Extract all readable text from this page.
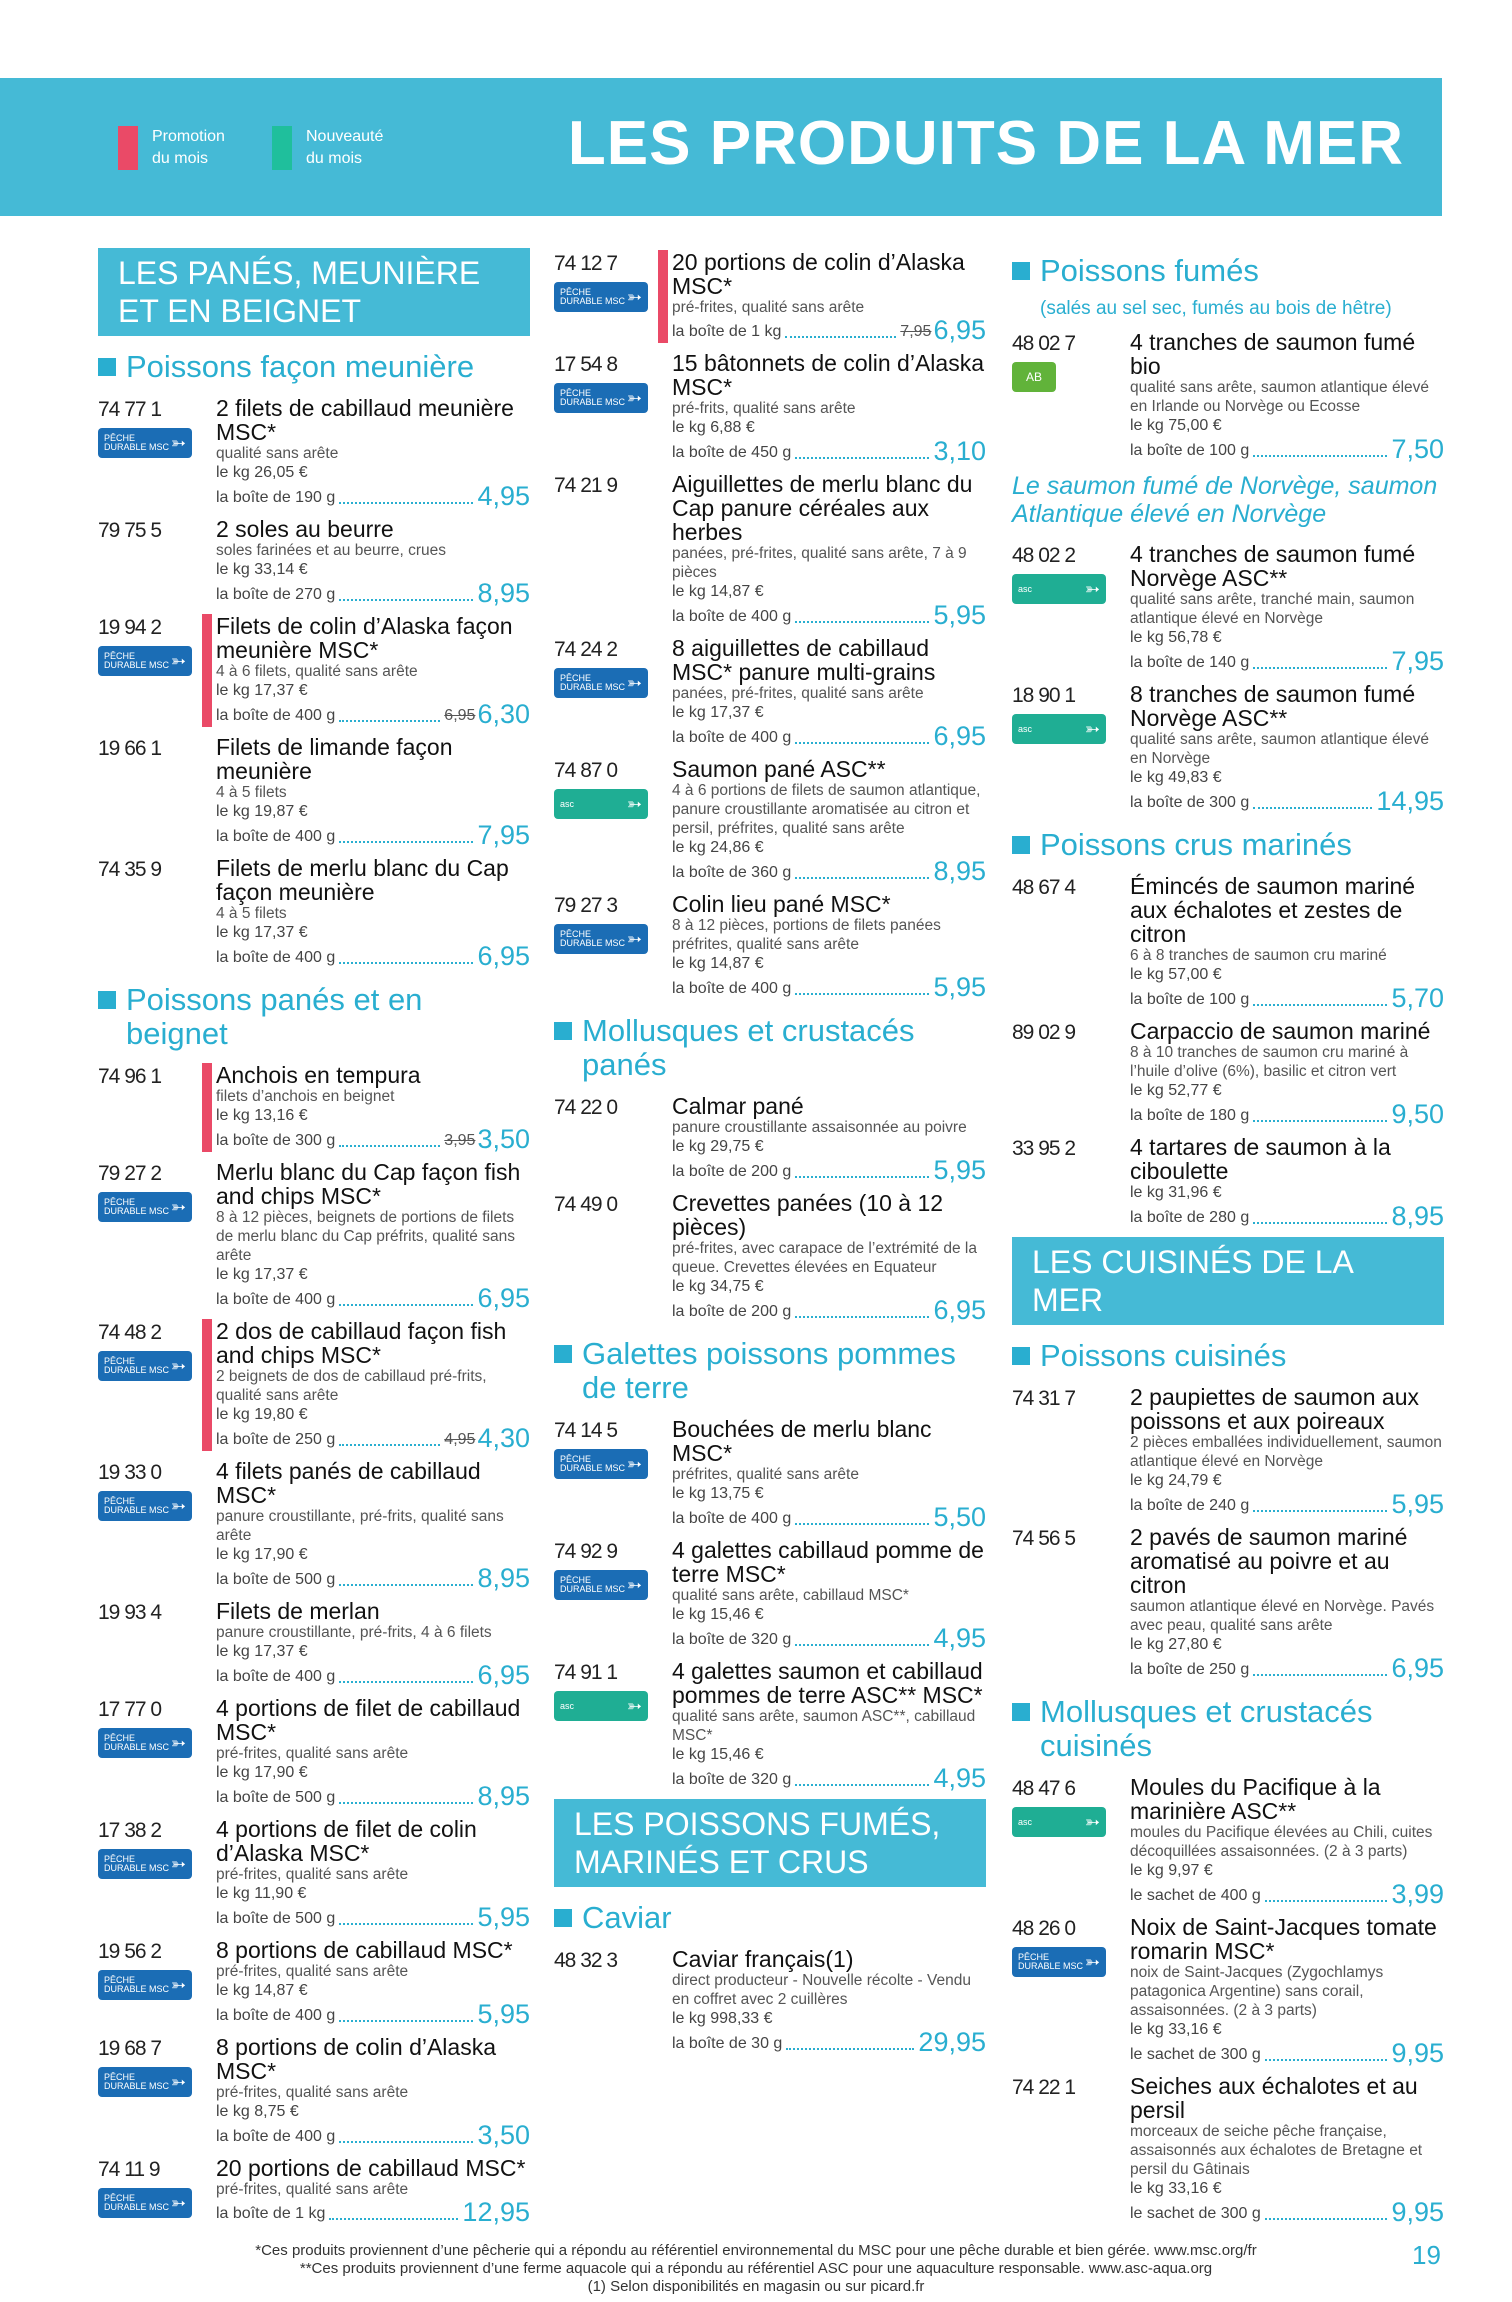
Promotion du mois
Nouveauté du mois	LES PRODUITS DE LA MER
LES PANÉS, MEUNIÈRE ET EN BEIGNET
Poissons façon meunière
74 77 1
PÊCHE DURABLE MSC ➳
2 filets de cabillaud meunière MSC*
qualité sans arête
le kg 26,05 €
la boîte de 190 g	4,95
79 75 5	2 soles au beurre
soles farinées et au beurre, crues
le kg 33,14 €
la boîte de 270 g	8,95
19 94 2
PÊCHE DURABLE MSC ➳
Filets de colin d’Alaska façon meunière MSC*
4 à 6 filets, qualité sans arête
le kg 17,37 €
la boîte de 400 g	6,95 6,30
19 66 1	Filets de limande façon meunière
4 à 5 filets
le kg 19,87 €
la boîte de 400 g	7,95
74 35 9	Filets de merlu blanc du Cap façon meunière
4 à 5 filets
le kg 17,37 €
la boîte de 400 g	6,95
Poissons panés et en beignet
74 96 1	Anchois en tempura
filets d’anchois en beignet
le kg 13,16 €
la boîte de 300 g	3,95 3,50
79 27 2
PÊCHE DURABLE MSC ➳
Merlu blanc du Cap façon fish and chips MSC*
8 à 12 pièces, beignets de portions de filets de merlu blanc du Cap préfrits, qualité sans arête
le kg 17,37 €
la boîte de 400 g	6,95
74 48 2
PÊCHE DURABLE MSC ➳
2 dos de cabillaud façon fish and chips MSC*
2 beignets de dos de cabillaud pré-frits, qualité sans arête
le kg 19,80 €
la boîte de 250 g	4,95 4,30
19 33 0
PÊCHE DURABLE MSC ➳
4 filets panés de cabillaud MSC*
panure croustillante, pré-frits, qualité sans arête
le kg 17,90 €
la boîte de 500 g	8,95
19 93 4	Filets de merlan
panure croustillante, pré-frits, 4 à 6 filets
le kg 17,37 €
la boîte de 400 g	6,95
17 77 0
PÊCHE DURABLE MSC ➳
4 portions de filet de cabillaud MSC*
pré-frites, qualité sans arête
le kg 17,90 €
la boîte de 500 g	8,95
17 38 2
PÊCHE DURABLE MSC ➳
4 portions de filet de colin d’Alaska MSC*
pré-frites, qualité sans arête
le kg 11,90 €
la boîte de 500 g	5,95
19 56 2
PÊCHE DURABLE MSC ➳
8 portions de cabillaud MSC*
pré-frites, qualité sans arête
le kg 14,87 €
la boîte de 400 g	5,95
19 68 7
PÊCHE DURABLE MSC ➳
8 portions de colin d’Alaska MSC*
pré-frites, qualité sans arête
le kg 8,75 €
la boîte de 400 g	3,50
74 11 9
PÊCHE DURABLE MSC ➳
20 portions de cabillaud MSC*
pré-frites, qualité sans arête
la boîte de 1 kg	12,95
74 12 7
PÊCHE DURABLE MSC ➳
20 portions de colin d’Alaska MSC*
pré-frites, qualité sans arête
la boîte de 1 kg	7,95 6,95
17 54 8
PÊCHE DURABLE MSC ➳
15 bâtonnets de colin d’Alaska MSC*
pré-frits, qualité sans arête
le kg 6,88 €
la boîte de 450 g	3,10
74 21 9	Aiguillettes de merlu blanc du Cap panure céréales aux herbes
panées, pré-frites, qualité sans arête, 7 à 9 pièces
le kg 14,87 €
la boîte de 400 g	5,95
74 24 2
PÊCHE DURABLE MSC ➳
8 aiguillettes de cabillaud MSC* panure multi-grains
panées, pré-frites, qualité sans arête
le kg 17,37 €
la boîte de 400 g	6,95
74 87 0
asc	➳
Saumon pané ASC**
4 à 6 portions de filets de saumon atlantique, panure croustillante aromatisée au citron et persil, préfrites, qualité sans arête
le kg 24,86 €
la boîte de 360 g	8,95
79 27 3
PÊCHE DURABLE MSC ➳
Colin lieu pané MSC*
8 à 12 pièces, portions de filets panées préfrites, qualité sans arête
le kg 14,87 €
la boîte de 400 g	5,95
Mollusques et crustacés panés
74 22 0	Calmar pané
panure croustillante assaisonnée au poivre
le kg 29,75 €
la boîte de 200 g	5,95
74 49 0	Crevettes panées (10 à 12 pièces)
pré-frites, avec carapace de l’extrémité de la queue. Crevettes élevées en Equateur
le kg 34,75 €
la boîte de 200 g	6,95
Galettes poissons pommes de terre
74 14 5
PÊCHE DURABLE MSC ➳
Bouchées de merlu blanc MSC*
préfrites, qualité sans arête
le kg 13,75 €
la boîte de 400 g	5,50
74 92 9
PÊCHE DURABLE MSC ➳
4 galettes cabillaud pomme de terre MSC*
qualité sans arête, cabillaud MSC*
le kg 15,46 €
la boîte de 320 g	4,95
74 91 1
asc	➳
4 galettes saumon et cabillaud pommes de terre ASC** MSC*
qualité sans arête, saumon ASC**, cabillaud MSC*
le kg 15,46 €
la boîte de 320 g	4,95
LES POISSONS FUMÉS, MARINÉS ET CRUS
Caviar
48 32 3	Caviar français(1)
direct producteur - Nouvelle récolte - Vendu en coffret avec 2 cuillères
le kg 998,33 €
la boîte de 30 g	29,95
Poissons fumés
(salés au sel sec, fumés au bois de hêtre)
48 02 7
AB
4 tranches de saumon fumé bio
qualité sans arête, saumon atlantique élevé en Irlande ou Norvège ou Ecosse
le kg 75,00 €
la boîte de 100 g	7,50
Le saumon fumé de Norvège, saumon Atlantique élevé en Norvège
48 02 2
asc	➳
4 tranches de saumon fumé Norvège ASC**
qualité sans arête, tranché main, saumon atlantique élevé en Norvège
le kg 56,78 €
la boîte de 140 g	7,95
18 90 1
asc	➳
8 tranches de saumon fumé Norvège ASC**
qualité sans arête, saumon atlantique élevé en Norvège
le kg 49,83 €
la boîte de 300 g	14,95
Poissons crus marinés
48 67 4	Émincés de saumon mariné aux échalotes et zestes de citron
6 à 8 tranches de saumon cru mariné
le kg 57,00 €
la boîte de 100 g	5,70
89 02 9	Carpaccio de saumon mariné
8 à 10 tranches de saumon cru mariné à l’huile d’olive (6%), basilic et citron vert
le kg 52,77 €
la boîte de 180 g	9,50
33 95 2	4 tartares de saumon à la ciboulette
le kg 31,96 €
la boîte de 280 g	8,95
LES CUISINÉS DE LA MER
Poissons cuisinés
74 31 7	2 paupiettes de saumon aux poissons et aux poireaux
2 pièces emballées individuellement, saumon atlantique élevé en Norvège
le kg 24,79 €
la boîte de 240 g	5,95
74 56 5	2 pavés de saumon mariné aromatisé au poivre et au citron
saumon atlantique élevé en Norvège. Pavés avec peau, qualité sans arête
le kg 27,80 €
la boîte de 250 g	6,95
Mollusques et crustacés cuisinés
48 47 6
asc	➳
Moules du Pacifique à la marinière ASC**
moules du Pacifique élevées au Chili, cuites décoquillées assaisonnées. (2 à 3 parts)
le kg 9,97 €
le sachet de 400 g	3,99
48 26 0
PÊCHE DURABLE MSC ➳
Noix de Saint-Jacques tomate romarin MSC*
noix de Saint-Jacques (Zygochlamys patagonica Argentine) sans corail, assaisonnées. (2 à 3 parts)
le kg 33,16 €
le sachet de 300 g	9,95
74 22 1	Seiches aux échalotes et au persil
morceaux de seiche pêche française, assaisonnés aux échalotes de Bretagne et persil du Gâtinais
le kg 33,16 €
le sachet de 300 g	9,95
*Ces produits proviennent d’une pêcherie qui a répondu au référentiel environnemental du MSC pour une pêche durable et bien gérée. www.msc.org/fr
**Ces produits proviennent d’une ferme aquacole qui a répondu au référentiel ASC pour une aquaculture responsable. www.asc-aqua.org
(1) Selon disponibilités en magasin ou sur picard.fr
19
